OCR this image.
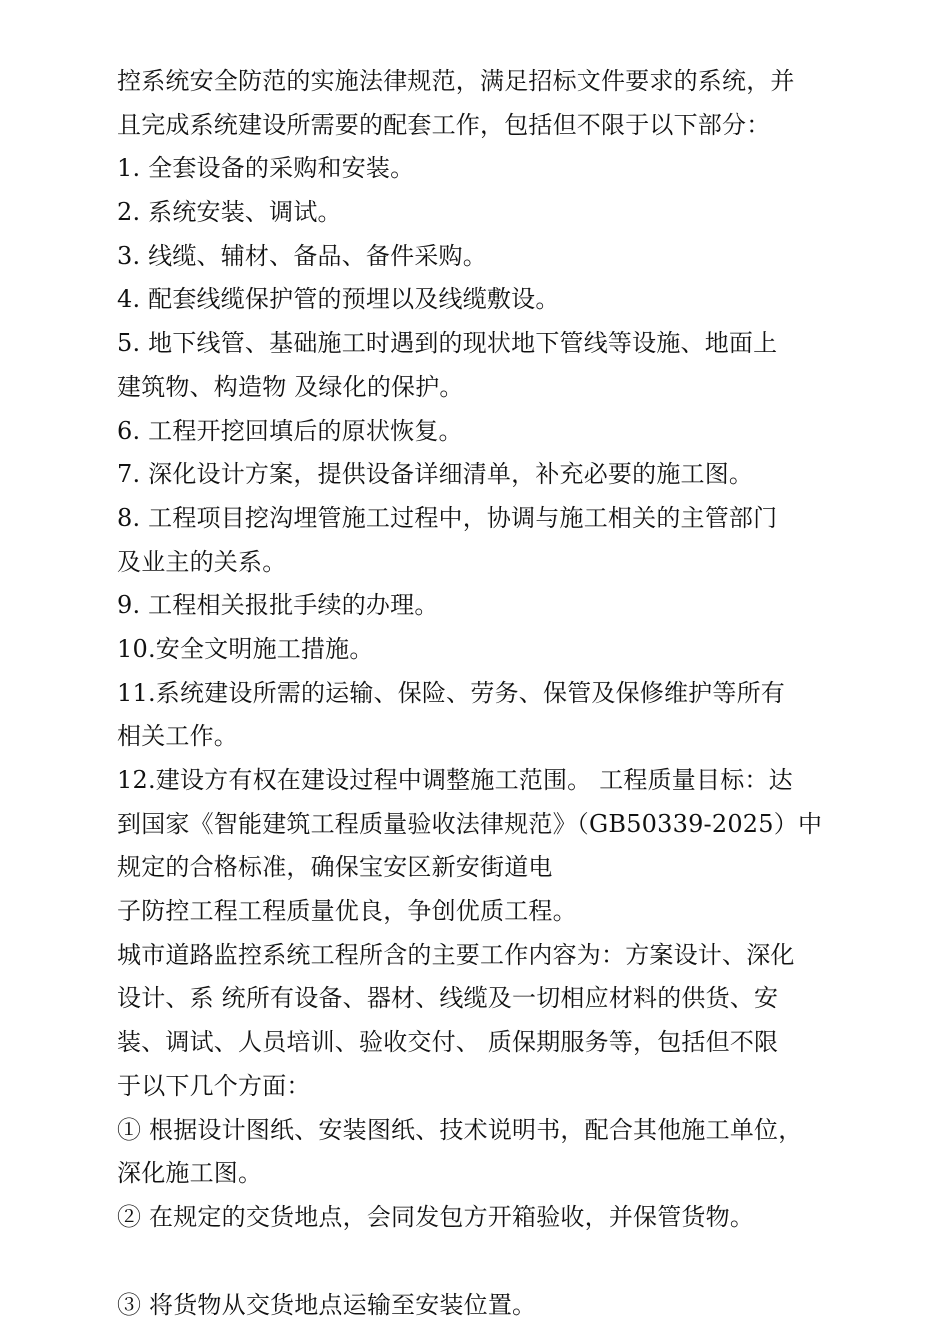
控系统安全防范的实施法律规范，满足招标文件要求的系统，并
且完成系统建设所需要的配套工作，包括但不限于以下部分：
1. 全套设备的采购和安装。
2. 系统安装、调试。
3. 线缆、辅材、备品、备件采购。
4. 配套线缆保护管的预埋以及线缆敷设。
5. 地下线管、基础施工时遇到的现状地下管线等设施、地面上
建筑物、构造物 及绿化的保护。
6. 工程开挖回填后的原状恢复。
7. 深化设计方案，提供设备详细清单，补充必要的施工图。
8. 工程项目挖沟埋管施工过程中，协调与施工相关的主管部门
及业主的关系。
9. 工程相关报批手续的办理。
10.安全文明施工措施。
11.系统建设所需的运输、保险、劳务、保管及保修维护等所有
相关工作。
12.建设方有权在建设过程中调整施工范围。 工程质量目标：达
到国家《智能建筑工程质量验收法律规范》（GB50339-2025）中
规定的合格标准，确保宝安区新安街道电
子防控工程工程质量优良，争创优质工程。
城市道路监控系统工程所含的主要工作内容为：方案设计、深化
设计、系 统所有设备、器材、线缆及一切相应材料的供货、安
装、调试、人员培训、验收交付、 质保期服务等，包括但不限
于以下几个方面：
① 根据设计图纸、安装图纸、技术说明书，配合其他施工单位，
深化施工图。
② 在规定的交货地点，会同发包方开箱验收，并保管货物。
③ 将货物从交货地点运输至安装位置。
